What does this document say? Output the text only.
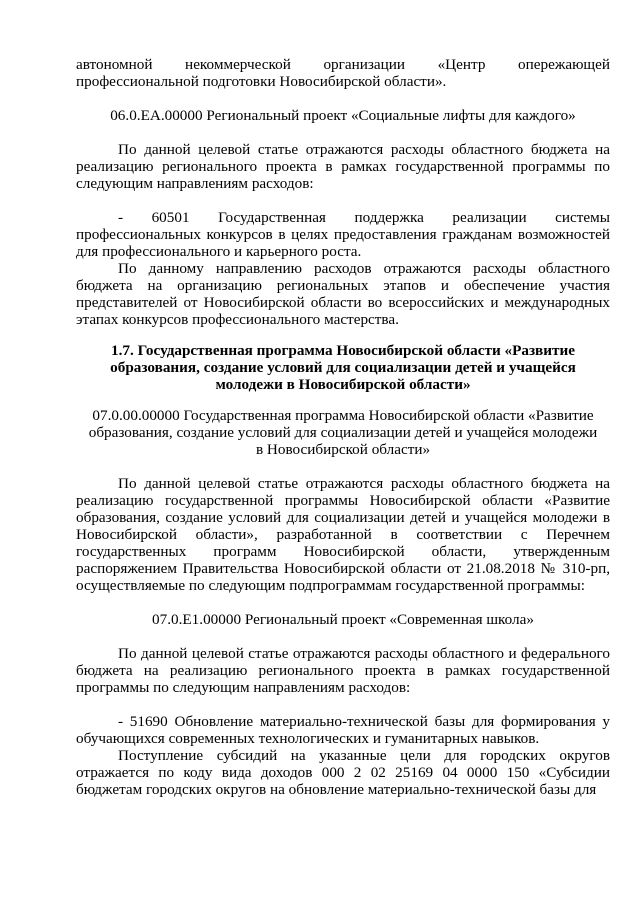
автономной некоммерческой организации «Центр опережающей

профессиональной подготовки Новосибирской области».

06.0.ЕА.00000 Региональный проект «Социальные лифты для каждого»

По данной целевой статье отражаются расходы областного бюджета на реализацию регионального проекта в рамках государственной программы по следующим направлениям расходов:

- 60501 Государственная поддержка реализации системы профессиональных конкурсов в целях предоставления гражданам возможностей для профессионального и карьерного роста.

По данному направлению расходов отражаются расходы областного бюджета на организацию региональных этапов и обеспечение участия представителей от Новосибирской области во всероссийских и международных этапах конкурсов профессионального мастерства.

1.7. Государственная программа Новосибирской области «Развитие образования, создание условий для социализации детей и учащейся молодежи в Новосибирской области»

07.0.00.00000 Государственная программа Новосибирской области «Развитие образования, создание условий для социализации детей и учащейся молодежи в Новосибирской области»

По данной целевой статье отражаются расходы областного бюджета на реализацию государственной программы Новосибирской области «Развитие образования, создание условий для социализации детей и учащейся молодежи в Новосибирской области», разработанной в соответствии с Перечнем государственных программ Новосибирской области, утвержденным распоряжением Правительства Новосибирской области от 21.08.2018 № 310-рп, осуществляемые по следующим подпрограммам государственной программы:

07.0.Е1.00000 Региональный проект «Современная школа»

По данной целевой статье отражаются расходы областного и федерального бюджета на реализацию регионального проекта в рамках государственной программы по следующим направлениям расходов:

- 51690 Обновление материально-технической базы для формирования у обучающихся современных технологических и гуманитарных навыков.

Поступление субсидий на указанные цели для городских округов отражается по коду вида доходов 000 2 02 25169 04 0000 150 «Субсидии бюджетам городских округов на обновление материально-технической базы для
